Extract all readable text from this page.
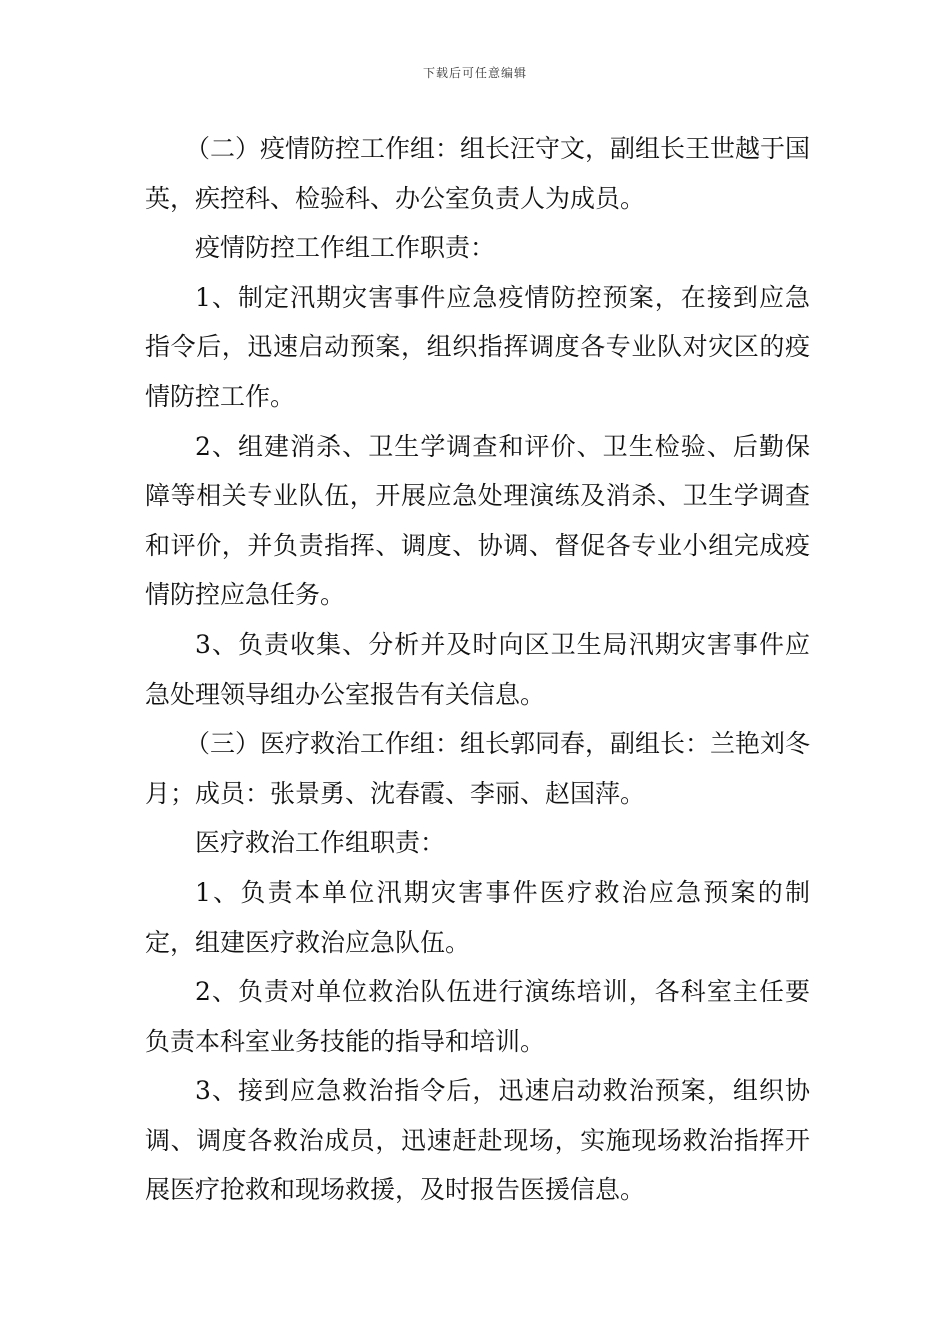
下载后可任意编辑

（二）疫情防控工作组：组长汪守文，副组长王世越于国英，疾控科、检验科、办公室负责人为成员。

疫情防控工作组工作职责：

1、制定汛期灾害事件应急疫情防控预案，在接到应急指令后，迅速启动预案，组织指挥调度各专业队对灾区的疫情防控工作。

2、组建消杀、卫生学调查和评价、卫生检验、后勤保障等相关专业队伍，开展应急处理演练及消杀、卫生学调查和评价，并负责指挥、调度、协调、督促各专业小组完成疫情防控应急任务。

3、负责收集、分析并及时向区卫生局汛期灾害事件应急处理领导组办公室报告有关信息。

（三）医疗救治工作组：组长郭同春，副组长：兰艳刘冬月；成员：张景勇、沈春霞、李丽、赵国萍。

医疗救治工作组职责：

1、负责本单位汛期灾害事件医疗救治应急预案的制定，组建医疗救治应急队伍。

2、负责对单位救治队伍进行演练培训，各科室主任要负责本科室业务技能的指导和培训。

3、接到应急救治指令后，迅速启动救治预案，组织协调、调度各救治成员，迅速赶赴现场，实施现场救治指挥开展医疗抢救和现场救援，及时报告医援信息。
